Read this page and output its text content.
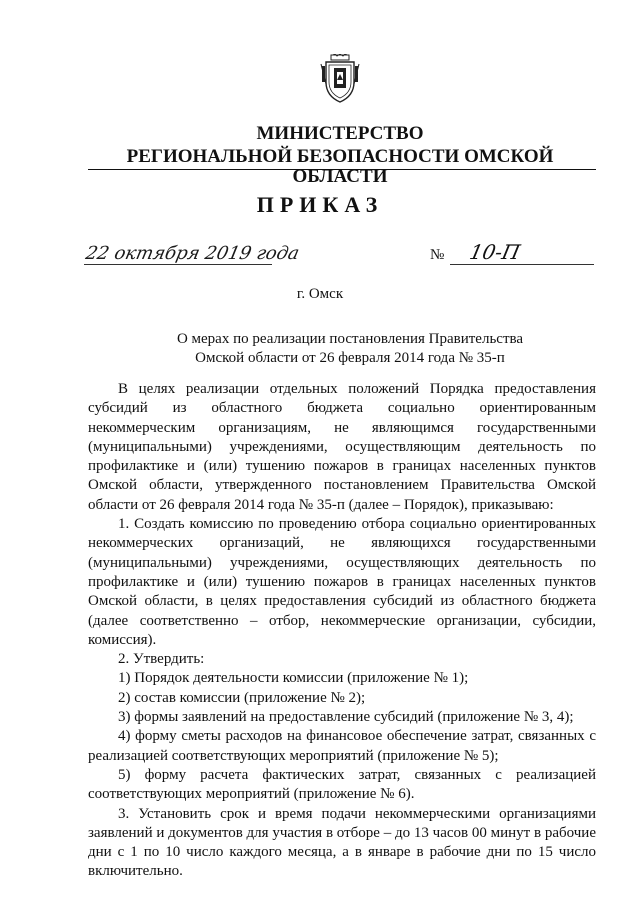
МИНИСТЕРСТВО
РЕГИОНАЛЬНОЙ БЕЗОПАСНОСТИ ОМСКОЙ ОБЛАСТИ
ПРИКАЗ
22 октября 2019 года	№ 10-П
г. Омск
О мерах по реализации постановления Правительства
Омской области от 26 февраля 2014 года № 35-п

В целях реализации отдельных положений Порядка предоставления субсидий из областного бюджета социально ориентированным некоммерческим организациям, не являющимся государственными (муниципальными) учреждениями, осуществляющим деятельность по профилактике и (или) тушению пожаров в границах населенных пунктов Омской области, утвержденного постановлением Правительства Омской области от 26 февраля 2014 года № 35-п (далее – Порядок), приказываю:

1. Создать комиссию по проведению отбора социально ориентированных некоммерческих организаций, не являющихся государственными (муниципальными) учреждениями, осуществляющих деятельность по профилактике и (или) тушению пожаров в границах населенных пунктов Омской области, в целях предоставления субсидий из областного бюджета (далее соответственно – отбор, некоммерческие организации, субсидии, комиссия).

2. Утвердить:

1) Порядок деятельности комиссии (приложение № 1);

2) состав комиссии (приложение № 2);

3) формы заявлений на предоставление субсидий (приложение № 3, 4);

4) форму сметы расходов на финансовое обеспечение затрат, связанных с реализацией соответствующих мероприятий (приложение № 5);

5) форму расчета фактических затрат, связанных с реализацией соответствующих мероприятий (приложение № 6).

3. Установить срок и время подачи некоммерческими организациями заявлений и документов для участия в отборе – до 13 часов 00 минут в рабочие дни с 1 по 10 число каждого месяца, а в январе в рабочие дни по 15 число включительно.
